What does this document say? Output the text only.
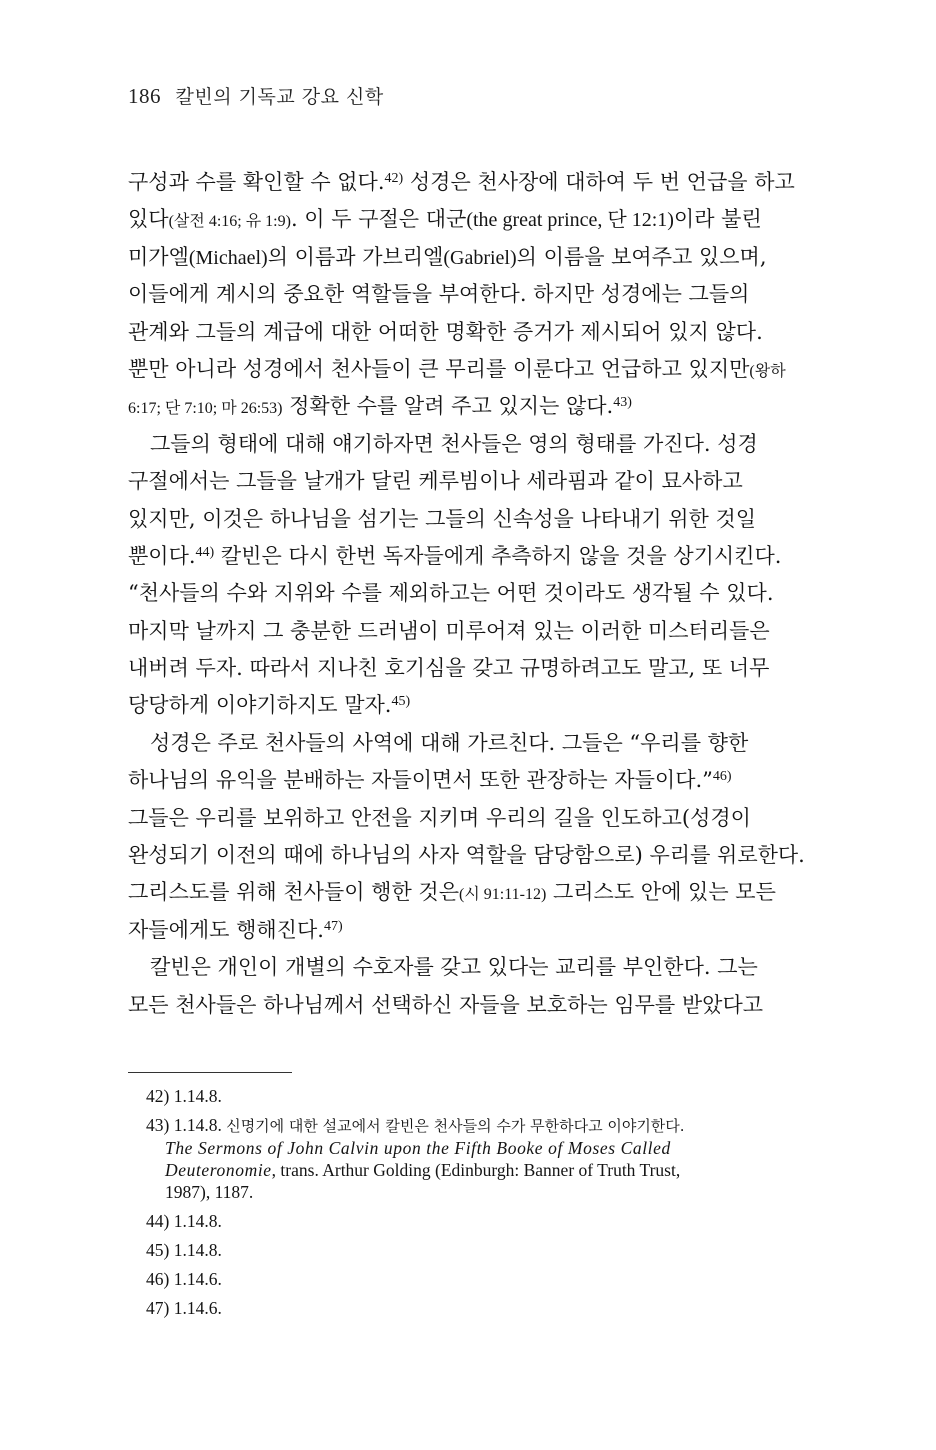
186 칼빈의 기독교 강요 신학
구성과 수를 확인할 수 없다.$^{42)}$ 성경은 천사장에 대하여 두 번 언급을 하고
있다(살전 4:16; 유 1:9). 이 두 구절은 대군(the great prince, 단 12:1)이라 불린
미가엘(Michael)의 이름과 가브리엘(Gabriel)의 이름을 보여주고 있으며,
이들에게 계시의 중요한 역할들을 부여한다. 하지만 성경에는 그들의
관계와 그들의 계급에 대한 어떠한 명확한 증거가 제시되어 있지 않다.
뿐만 아니라 성경에서 천사들이 큰 무리를 이룬다고 언급하고 있지만(왕하
6:17; 단 7:10; 마 26:53) 정확한 수를 알려 주고 있지는 않다.$^{43)}$
그들의 형태에 대해 얘기하자면 천사들은 영의 형태를 가진다. 성경
구절에서는 그들을 날개가 달린 케루빔이나 세라핌과 같이 묘사하고
있지만, 이것은 하나님을 섬기는 그들의 신속성을 나타내기 위한 것일
뿐이다.$^{44)}$ 칼빈은 다시 한번 독자들에게 추측하지 않을 것을 상기시킨다.
“천사들의 수와 지위와 수를 제외하고는 어떤 것이라도 생각될 수 있다.
마지막 날까지 그 충분한 드러냄이 미루어져 있는 이러한 미스터리들은
내버려 두자. 따라서 지나친 호기심을 갖고 규명하려고도 말고, 또 너무
당당하게 이야기하지도 말자.$^{45)}$
성경은 주로 천사들의 사역에 대해 가르친다. 그들은 “우리를 향한
하나님의 유익을 분배하는 자들이면서 또한 관장하는 자들이다.”$^{46)}$
그들은 우리를 보위하고 안전을 지키며 우리의 길을 인도하고(성경이
완성되기 이전의 때에 하나님의 사자 역할을 담당함으로) 우리를 위로한다.
그리스도를 위해 천사들이 행한 것은(시 91:11-12) 그리스도 안에 있는 모든
자들에게도 행해진다.$^{47)}$
칼빈은 개인이 개별의 수호자를 갖고 있다는 교리를 부인한다. 그는
모든 천사들은 하나님께서 선택하신 자들을 보호하는 임무를 받았다고
42) 1.14.8.
43) 1.14.8. 신명기에 대한 설교에서 칼빈은 천사들의 수가 무한하다고 이야기한다.
The Sermons of John Calvin upon the Fifth Booke of Moses Called
Deuteronomie, trans. Arthur Golding (Edinburgh: Banner of Truth Trust,
1987), 1187.
44) 1.14.8.
45) 1.14.8.
46) 1.14.6.
47) 1.14.6.
